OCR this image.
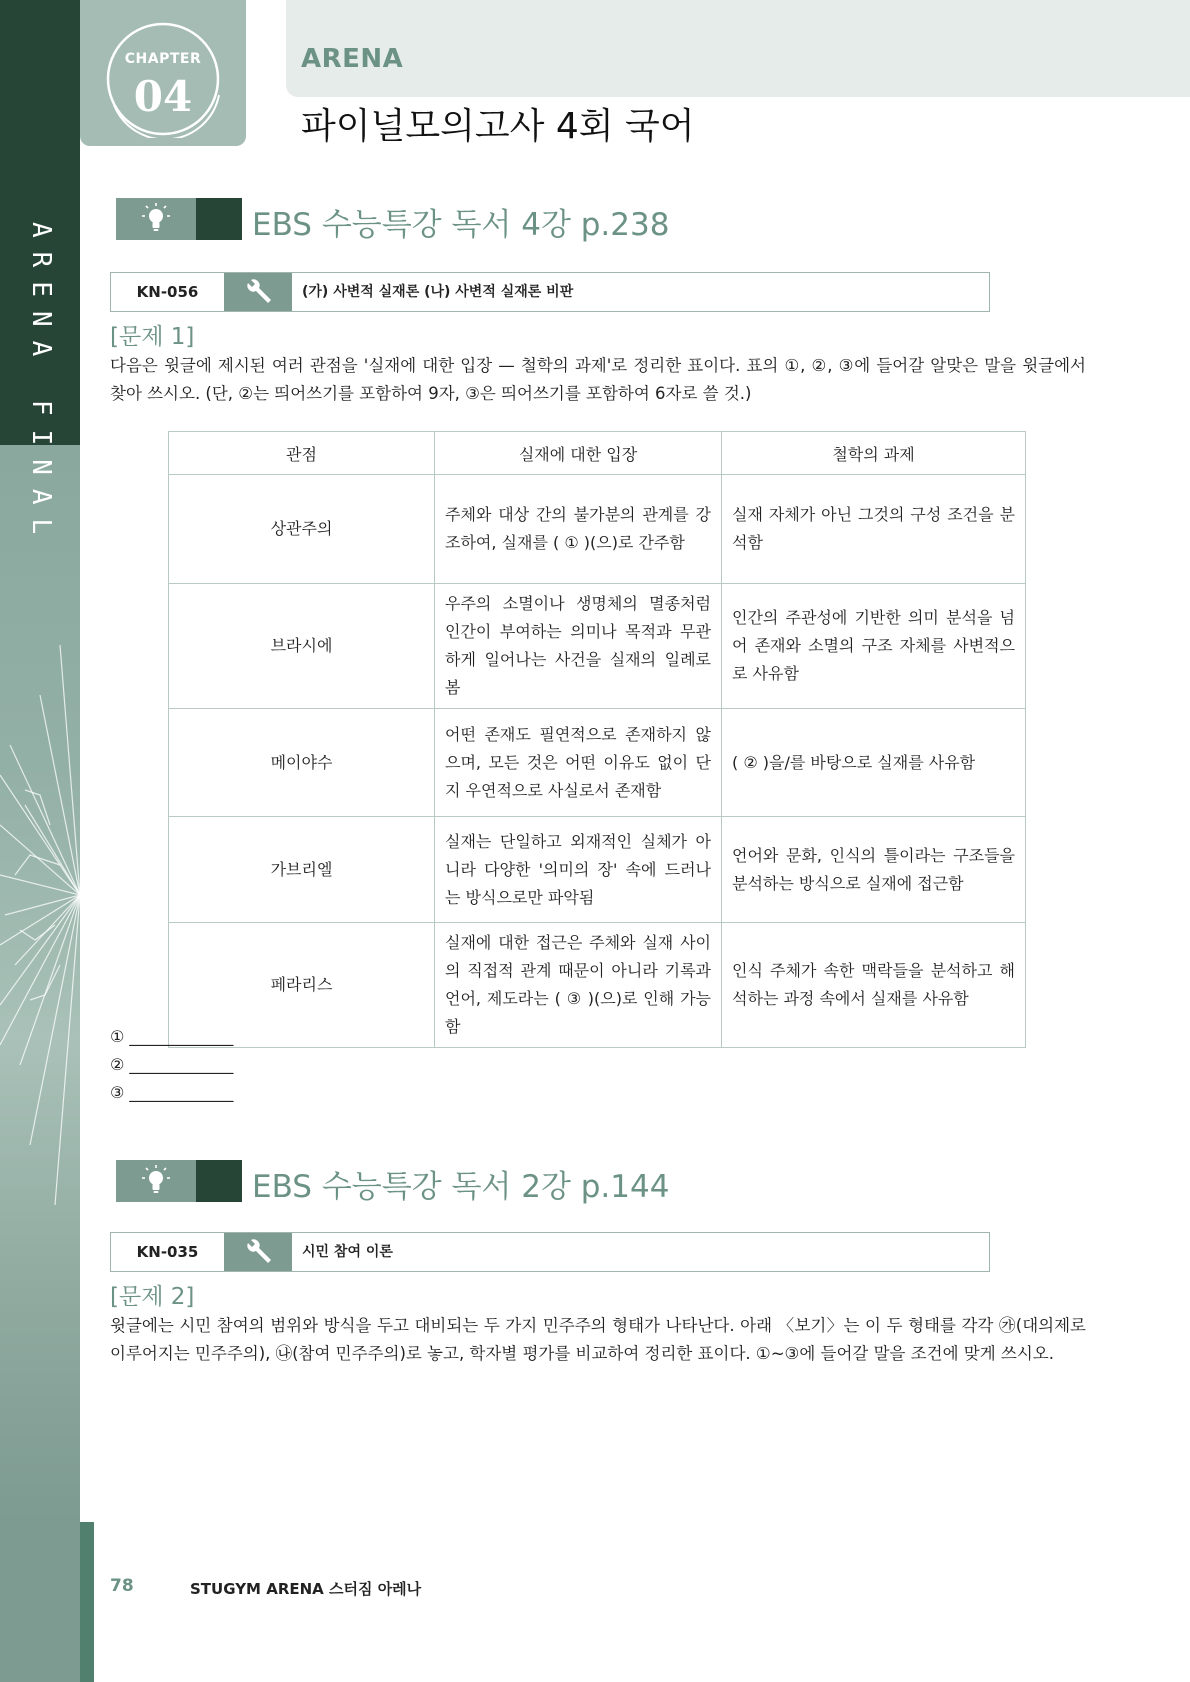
ARENA FINAL
CHAPTER
04
ARENA
파이널모의고사 4회 국어
EBS 수능특강 독서 4강 p.238
KN-056	(가) 사변적 실재론 (나) 사변적 실재론 비판
[문제 1]
다음은 윗글에 제시된 여러 관점을 '실재에 대한 입장 — 철학의 과제'로 정리한 표이다. 표의 ①, ②, ③에 들어갈 알맞은 말을 윗글에서 찾아 쓰시오. (단, ②는 띄어쓰기를 포함하여 9자, ③은 띄어쓰기를 포함하여 6자로 쓸 것.)
관점	실재에 대한 입장	철학의 과제
상관주의	주체와 대상 간의 불가분의 관계를 강조하여, 실재를 ( ① )(으)로 간주함	실재 자체가 아닌 그것의 구성 조건을 분석함
브라시에	우주의 소멸이나 생명체의 멸종처럼 인간이 부여하는 의미나 목적과 무관하게 일어나는 사건을 실재의 일례로 봄	인간의 주관성에 기반한 의미 분석을 넘어 존재와 소멸의 구조 자체를 사변적으로 사유함
메이야수	어떤 존재도 필연적으로 존재하지 않으며, 모든 것은 어떤 이유도 없이 단지 우연적으로 사실로서 존재함	( ② )을/를 바탕으로 실재를 사유함
가브리엘	실재는 단일하고 외재적인 실체가 아니라 다양한 '의미의 장' 속에 드러나는 방식으로만 파악됨	언어와 문화, 인식의 틀이라는 구조들을 분석하는 방식으로 실재에 접근함
페라리스	실재에 대한 접근은 주체와 실재 사이의 직접적 관계 때문이 아니라 기록과 언어, 제도라는 ( ③ )(으)로 인해 가능함	인식 주체가 속한 맥락들을 분석하고 해석하는 과정 속에서 실재를 사유함
① _____________
② _____________
③ _____________
EBS 수능특강 독서 2강 p.144
KN-035	시민 참여 이론
[문제 2]
윗글에는 시민 참여의 범위와 방식을 두고 대비되는 두 가지 민주주의 형태가 나타난다. 아래 〈보기〉는 이 두 형태를 각각 ㉮(대의제로 이루어지는 민주주의), ㉯(참여 민주주의)로 놓고, 학자별 평가를 비교하여 정리한 표이다. ①~③에 들어갈 말을 조건에 맞게 쓰시오.
78	STUGYM ARENA 스터짐 아레나
